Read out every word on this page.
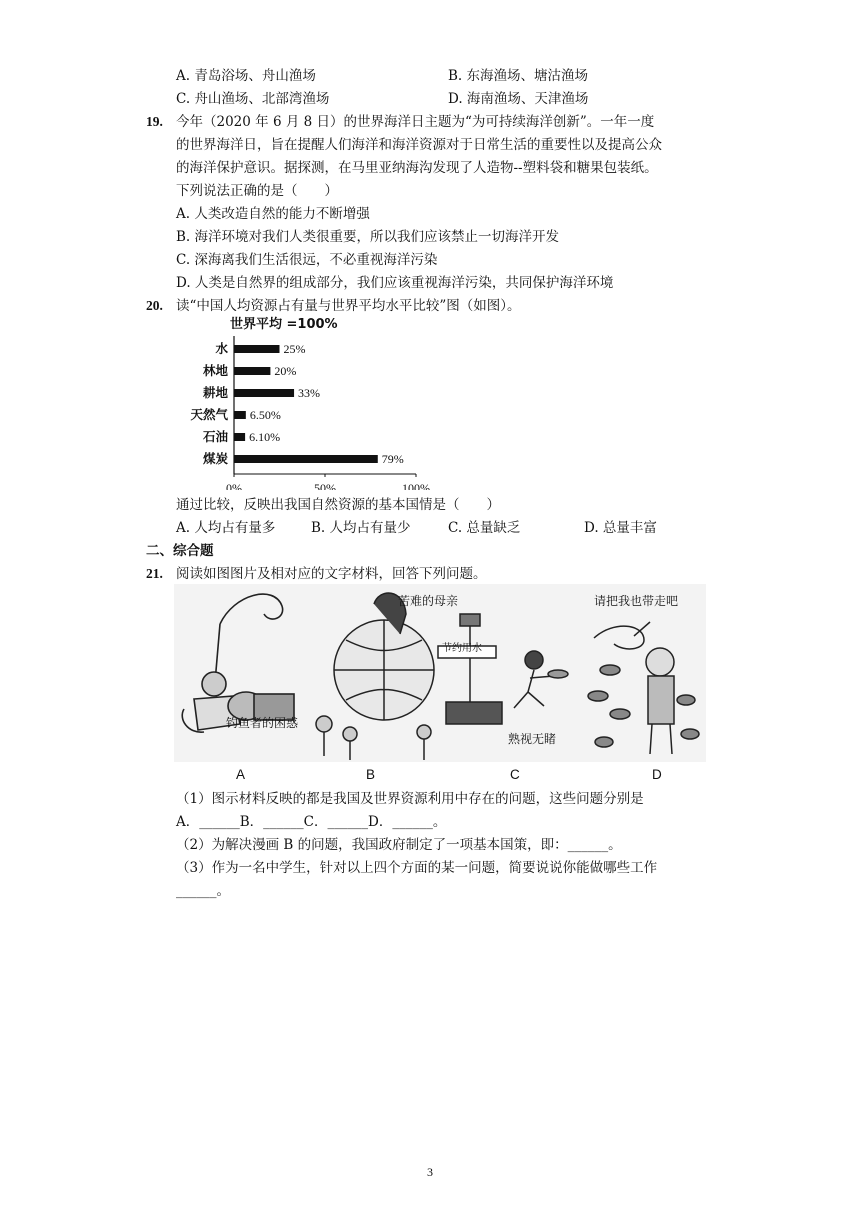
A. 青岛浴场、舟山渔场	B. 东海渔场、塘沽渔场
C. 舟山渔场、北部湾渔场	D. 海南渔场、天津渔场
19. 今年（2020 年 6 月 8 日）的世界海洋日主题为“为可持续海洋创新”。一年一度
的世界海洋日，旨在提醒人们海洋和海洋资源对于日常生活的重要性以及提高公众
的海洋保护意识。据探测，在马里亚纳海沟发现了人造物--塑料袋和糖果包装纸。
下列说法正确的是（　　）
A. 人类改造自然的能力不断增强
B. 海洋环境对我们人类很重要，所以我们应该禁止一切海洋开发
C. 深海离我们生活很远，不必重视海洋污染
D. 人类是自然界的组成部分，我们应该重视海洋污染，共同保护海洋环境
20. 读“中国人均资源占有量与世界平均水平比较”图（如图）。
世界平均 =100%
水	25%
林地	20%
耕地	33%
天然气 6.50%
石油 6.10%
煤炭	79%
0%	50%	100%
通过比较，反映出我国自然资源的基本国情是（　　）
A. 人均占有量多	B. 人均占有量少	C. 总量缺乏	D. 总量丰富
二、综合题
21. 阅读如图图片及相对应的文字材料，回答下列问题。
钓鱼者的困惑
苦难的母亲
节约用水
熟视无睹
请把我也带走吧
A	B	C	D
（1）图示材料反映的都是我国及世界资源利用中存在的问题，这些问题分别是
A．______B．______C．______D．______。
（2）为解决漫画 B 的问题，我国政府制定了一项基本国策，即：______。
（3）作为一名中学生，针对以上四个方面的某一问题，简要说说你能做哪些工作
______。
3
